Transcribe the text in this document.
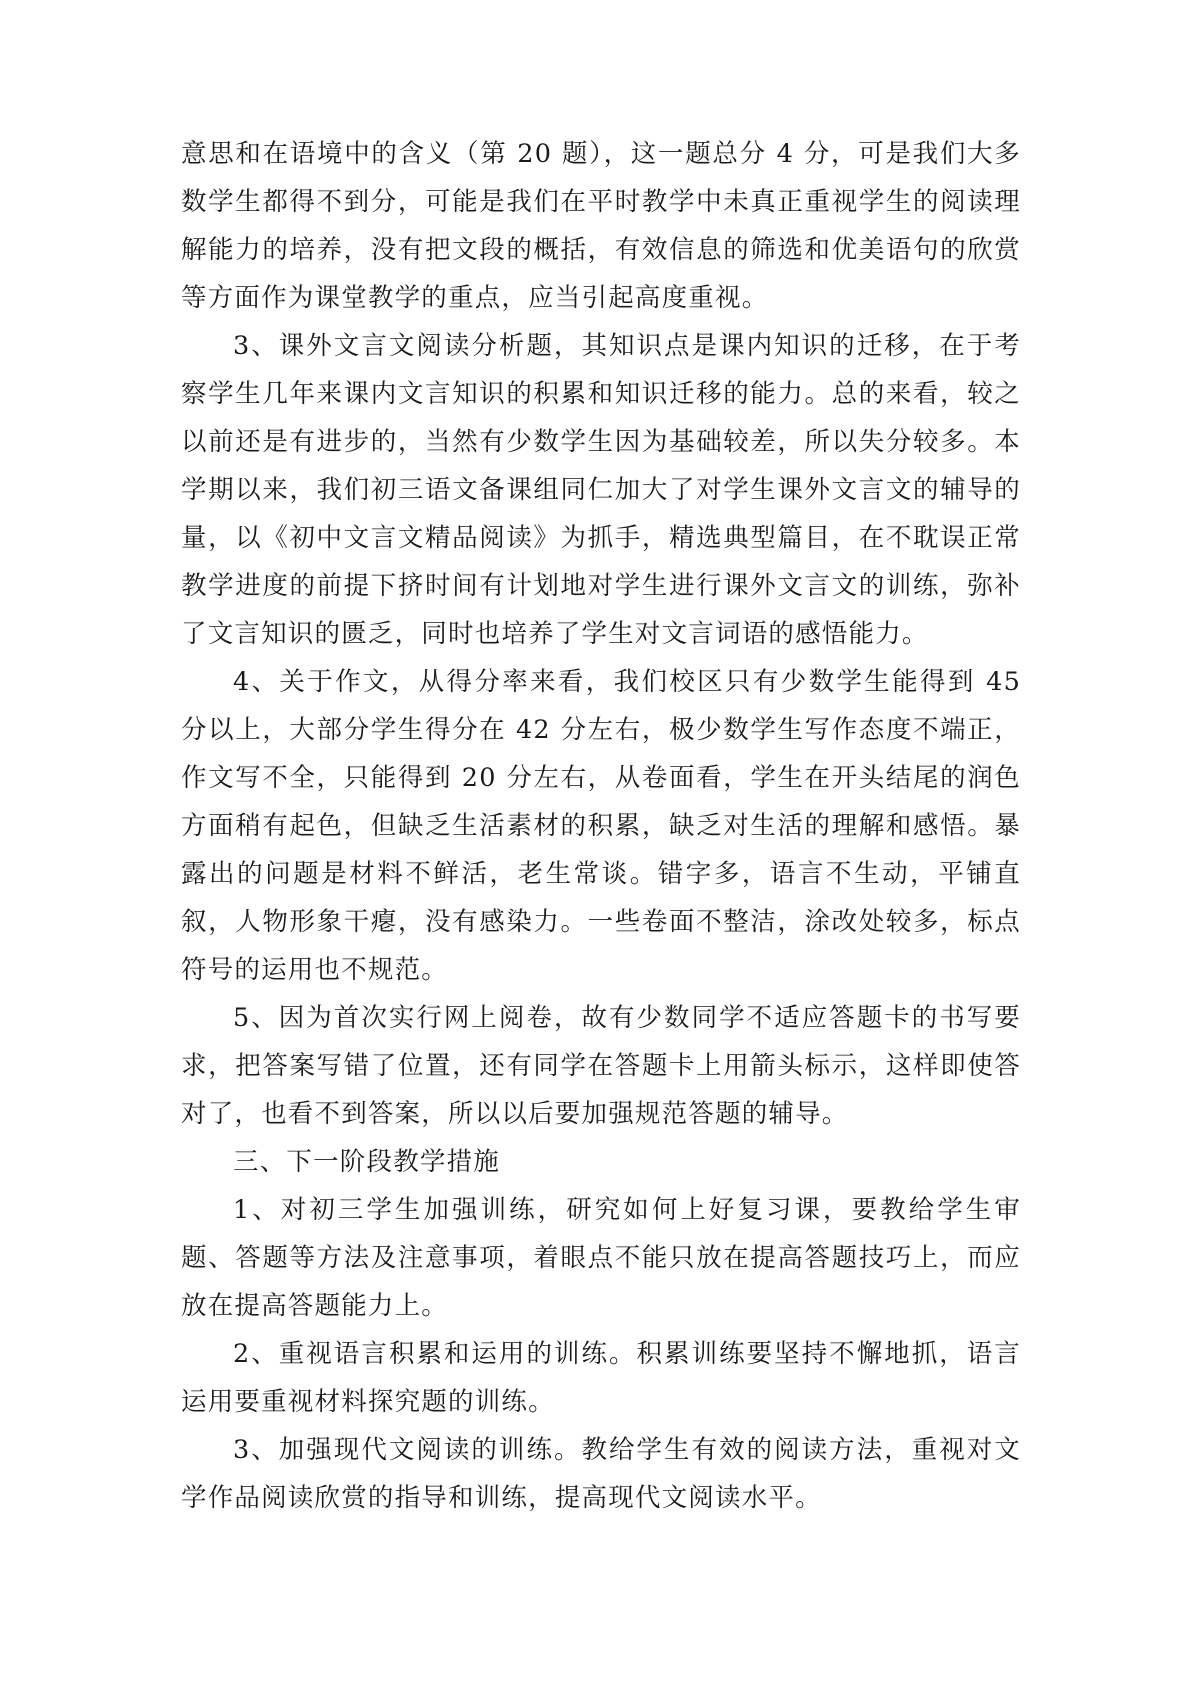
意思和在语境中的含义（第 20 题），这一题总分 4 分，可是我们大多数学生都得不到分，可能是我们在平时教学中未真正重视学生的阅读理解能力的培养，没有把文段的概括，有效信息的筛选和优美语句的欣赏等方面作为课堂教学的重点，应当引起高度重视。

3、课外文言文阅读分析题，其知识点是课内知识的迁移，在于考察学生几年来课内文言知识的积累和知识迁移的能力。总的来看，较之以前还是有进步的，当然有少数学生因为基础较差，所以失分较多。本学期以来，我们初三语文备课组同仁加大了对学生课外文言文的辅导的量，以《初中文言文精品阅读》为抓手，精选典型篇目，在不耽误正常教学进度的前提下挤时间有计划地对学生进行课外文言文的训练，弥补了文言知识的匮乏，同时也培养了学生对文言词语的感悟能力。

4、关于作文，从得分率来看，我们校区只有少数学生能得到 45 分以上，大部分学生得分在 42 分左右，极少数学生写作态度不端正，作文写不全，只能得到 20 分左右，从卷面看，学生在开头结尾的润色方面稍有起色，但缺乏生活素材的积累，缺乏对生活的理解和感悟。暴露出的问题是材料不鲜活，老生常谈。错字多，语言不生动，平铺直叙，人物形象干瘪，没有感染力。一些卷面不整洁，涂改处较多，标点符号的运用也不规范。

5、因为首次实行网上阅卷，故有少数同学不适应答题卡的书写要求，把答案写错了位置，还有同学在答题卡上用箭头标示，这样即使答对了，也看不到答案，所以以后要加强规范答题的辅导。

三、下一阶段教学措施

1、对初三学生加强训练，研究如何上好复习课，要教给学生审题、答题等方法及注意事项，着眼点不能只放在提高答题技巧上，而应放在提高答题能力上。

2、重视语言积累和运用的训练。积累训练要坚持不懈地抓，语言运用要重视材料探究题的训练。

3、加强现代文阅读的训练。教给学生有效的阅读方法，重视对文学作品阅读欣赏的指导和训练，提高现代文阅读水平。
